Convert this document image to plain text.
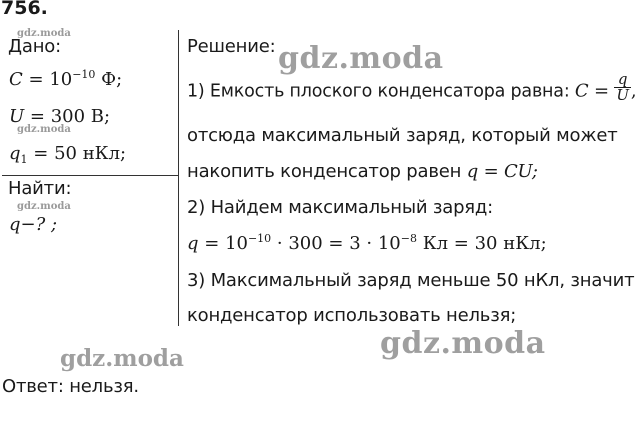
756.
Дано:
$C = 10^{-10}$ Ф;
U = 300 В;
$q_1 = 50$ нКл;
Найти:
q−? ;
Решение:
1) Емкость плоского конденсатора равна: $C = \frac{q}{U}$ ,
отсюда максимальный заряд, который может
накопить конденсатор равен q = CU;
2) Найдем максимальный заряд:
$q = 10^{-10} \cdot 300 = 3 \cdot 10^{-8}$ Кл = 30 нКл;
3) Максимальный заряд меньше 50 нКл, значит
конденсатор использовать нельзя;
Ответ: нельзя.
gdz.moda
gdz.moda
gdz.moda
gdz.moda
gdz.moda	gdz.moda
